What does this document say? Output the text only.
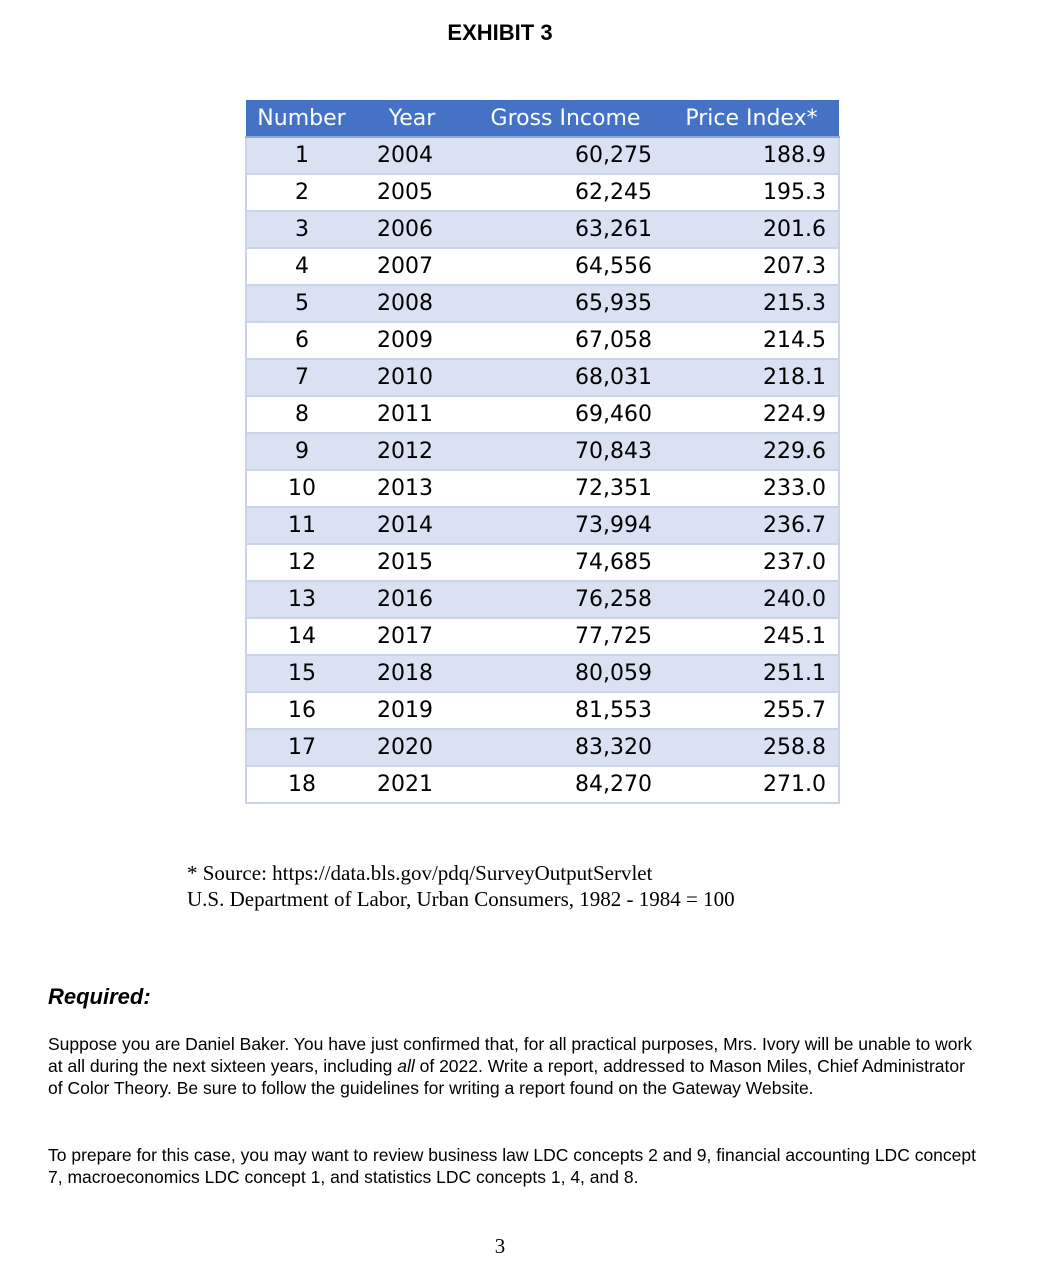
EXHIBIT 3
Number	Year	Gross Income	Price Index*
1	2004	60,275	188.9
2	2005	62,245	195.3
3	2006	63,261	201.6
4	2007	64,556	207.3
5	2008	65,935	215.3
6	2009	67,058	214.5
7	2010	68,031	218.1
8	2011	69,460	224.9
9	2012	70,843	229.6
10	2013	72,351	233.0
11	2014	73,994	236.7
12	2015	74,685	237.0
13	2016	76,258	240.0
14	2017	77,725	245.1
15	2018	80,059	251.1
16	2019	81,553	255.7
17	2020	83,320	258.8
18	2021	84,270	271.0
* Source: https://data.bls.gov/pdq/SurveyOutputServlet
U.S. Department of Labor, Urban Consumers, 1982 - 1984 = 100
Required:
Suppose you are Daniel Baker. You have just confirmed that, for all practical purposes, Mrs. Ivory will be unable to work at all during the next sixteen years, including all of 2022. Write a report, addressed to Mason Miles, Chief Administrator of Color Theory. Be sure to follow the guidelines for writing a report found on the Gateway Website.
To prepare for this case, you may want to review business law LDC concepts 2 and 9, financial accounting LDC concept 7, macroeconomics LDC concept 1, and statistics LDC concepts 1, 4, and 8.
3
